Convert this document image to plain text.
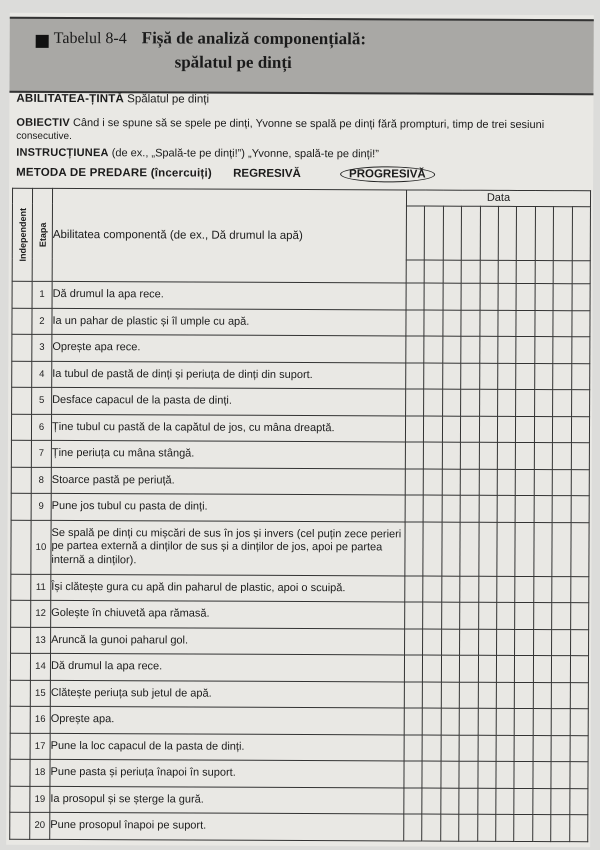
Tabelul 8-4 Fișă de analiză componențială:
spălatul pe dinți
ABILITATEA-ȚINTĂ Spălatul pe dinți
OBIECTIV Când i se spune să se spele pe dinți, Yvonne se spală pe dinți fără prompturi, timp de trei sesiuni
consecutive.
INSTRUCȚIUNEA (de ex., „Spală-te pe dinți!”) „Yvonne, spală-te pe dinți!”
METODA DE PREDARE (încercuiți) REGRESIVĂ	PROGRESIVĂ
Independent	Etapa	Abilitatea componentă (de ex., Dă drumul la apă)	Data									

	1	Dă drumul la apa rece.										
	2	Ia un pahar de plastic și îl umple cu apă.										
	3	Oprește apa rece.										
	4	Ia tubul de pastă de dinți și periuța de dinți din suport.										
	5	Desface capacul de la pasta de dinți.										
	6	Ține tubul cu pastă de la capătul de jos, cu mâna dreaptă.										
	7	Ține periuța cu mâna stângă.										
	8	Stoarce pastă pe periuță.										
	9	Pune jos tubul cu pasta de dinți.										
	10	Se spală pe dinți cu mișcări de sus în jos și invers (cel puțin zece perieri pe partea externă a dinților de sus și a dinților de jos, apoi pe partea internă a dinților).										
	11	Își clătește gura cu apă din paharul de plastic, apoi o scuipă.										
	12	Golește în chiuvetă apa rămasă.										
	13	Aruncă la gunoi paharul gol.										
	14	Dă drumul la apa rece.										
	15	Clătește periuța sub jetul de apă.										
	16	Oprește apa.										
	17	Pune la loc capacul de la pasta de dinți.										
	18	Pune pasta și periuța înapoi în suport.										
	19	Ia prosopul și se șterge la gură.										
	20	Pune prosopul înapoi pe suport.										
